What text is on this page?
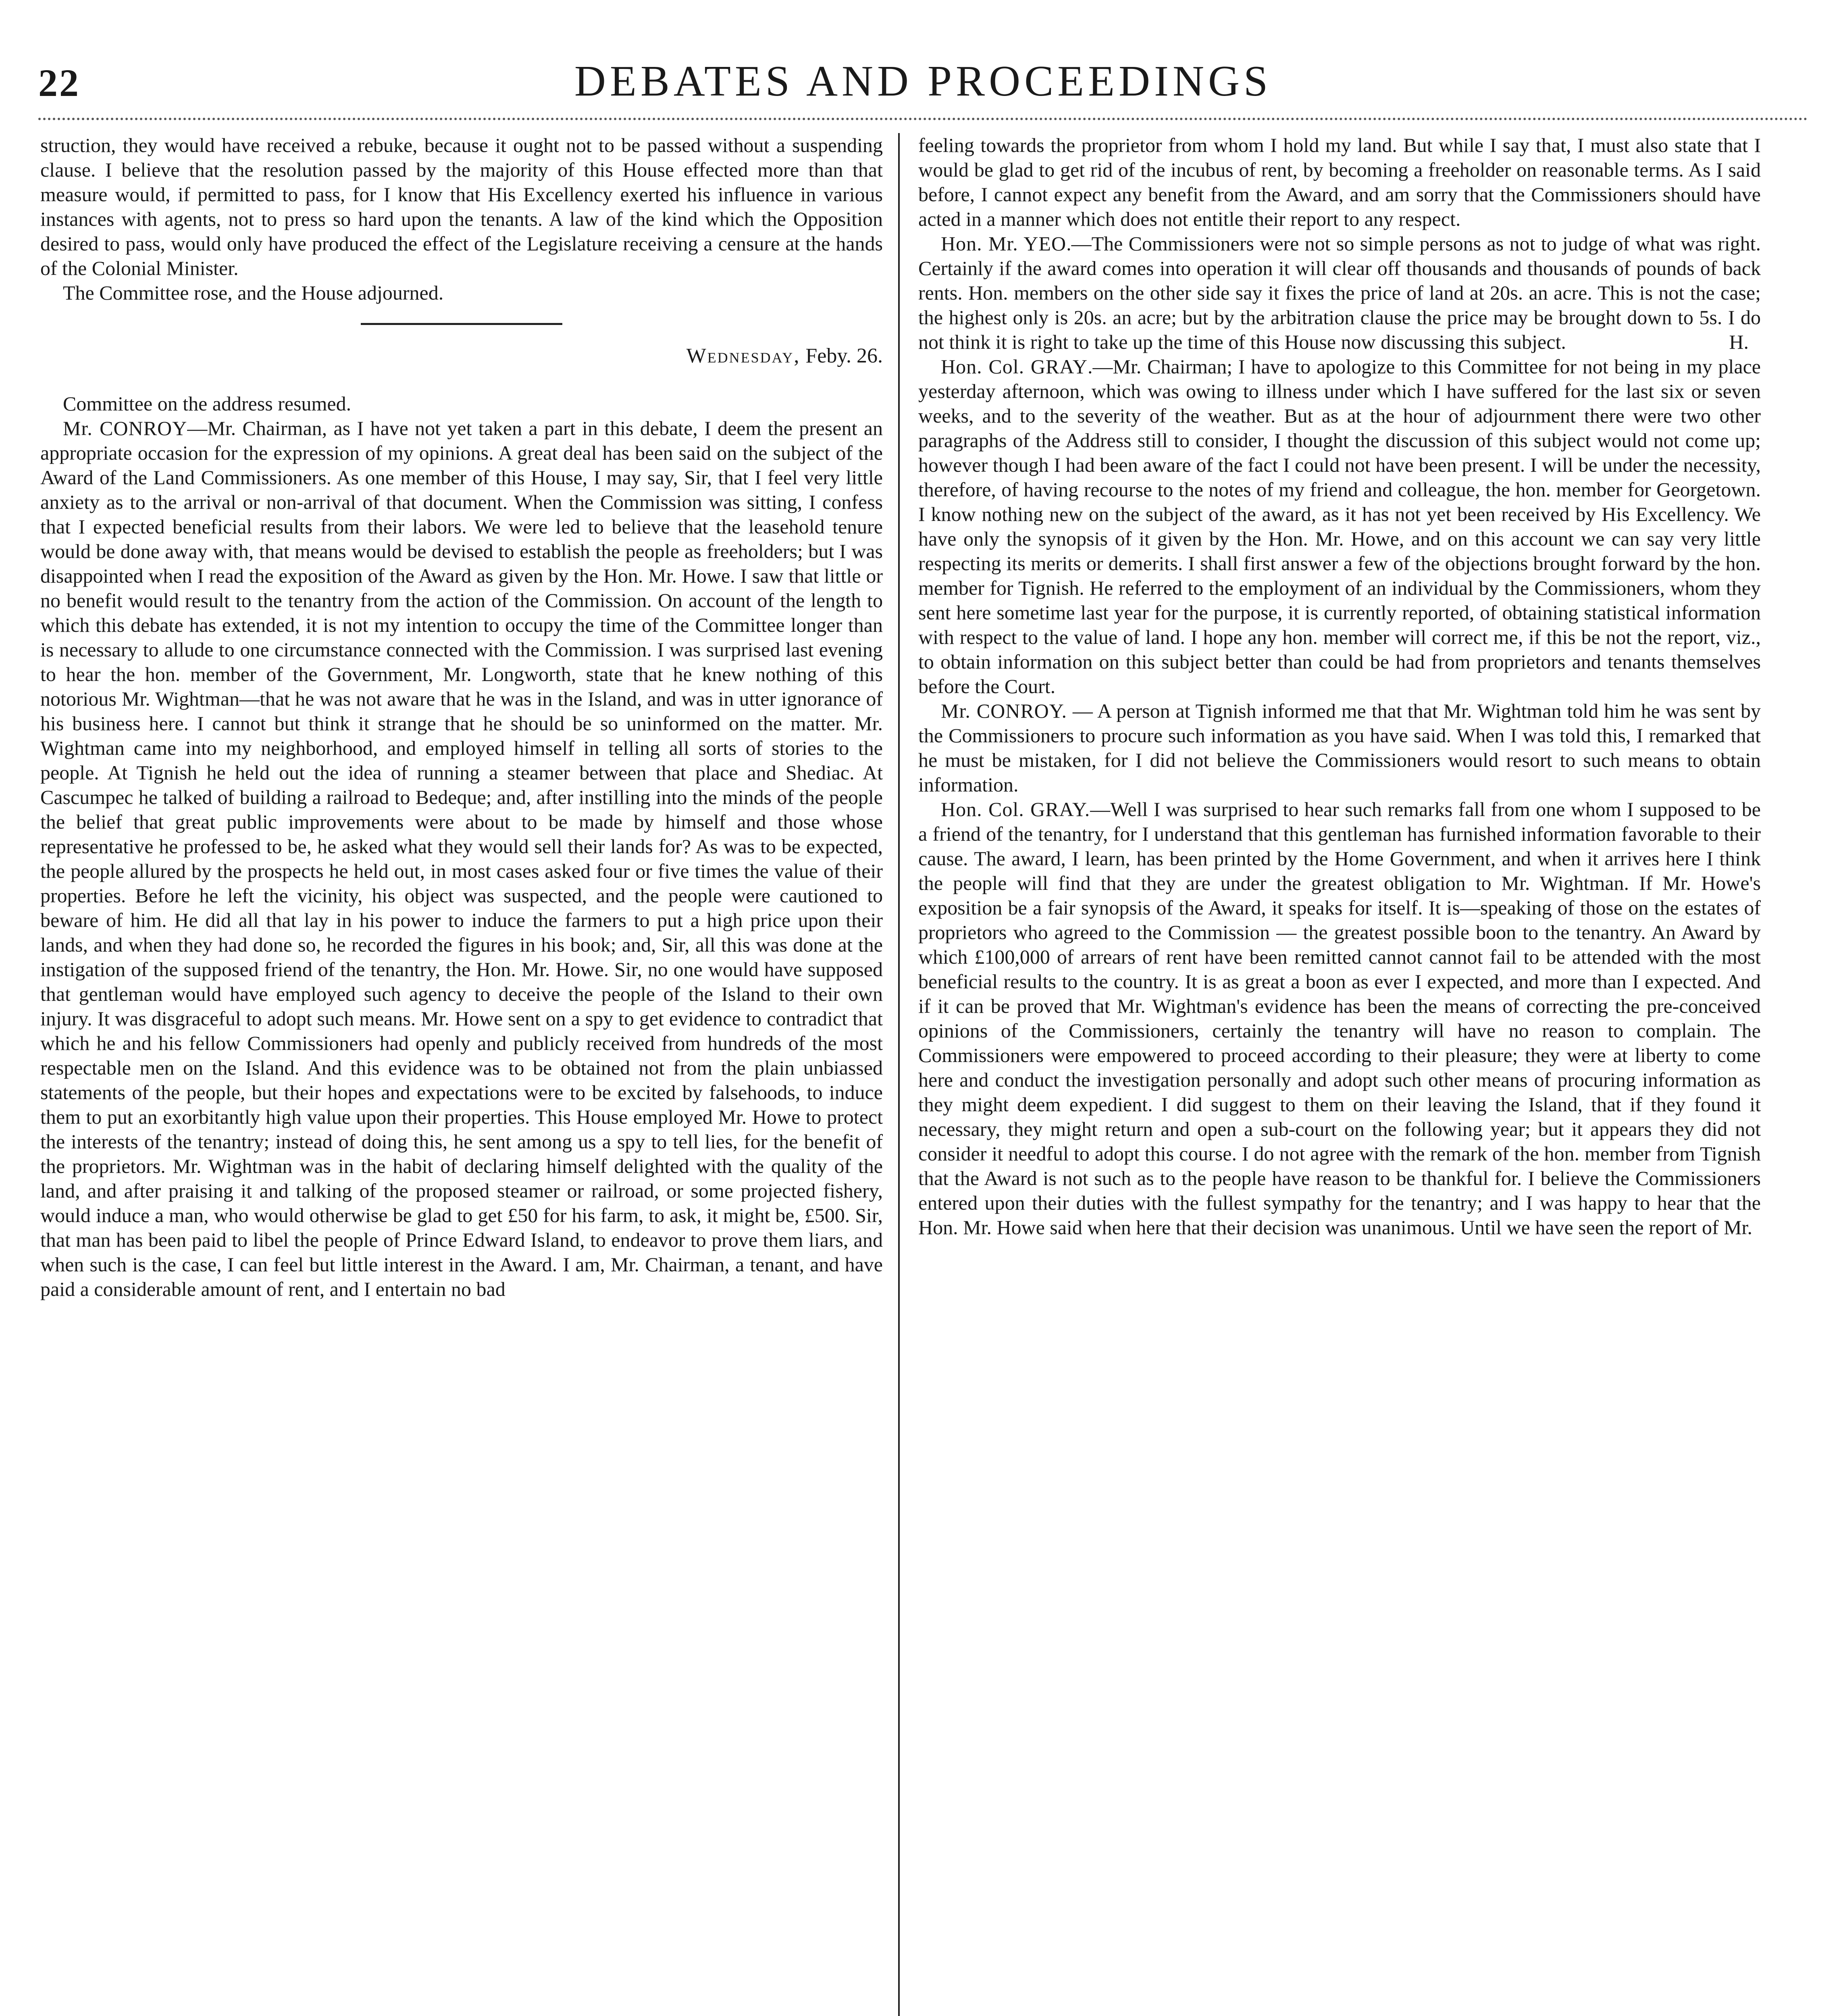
22	DEBATES AND PROCEEDINGS

struction, they would have received a rebuke, because it ought not to be passed without a suspending clause. I believe that the resolution passed by the majority of this House effected more than that measure would, if permitted to pass, for I know that His Excellency exerted his influence in various instances with agents, not to press so hard upon the tenants. A law of the kind which the Opposition desired to pass, would only have produced the effect of the Legislature receiving a censure at the hands of the Colonial Minister.

The Committee rose, and the House adjourned.

Wednesday, Feby. 26.

Committee on the address resumed.

Mr. CONROY—Mr. Chairman, as I have not yet taken a part in this debate, I deem the present an appropriate occasion for the expression of my opinions. A great deal has been said on the subject of the Award of the Land Commissioners. As one member of this House, I may say, Sir, that I feel very little anxiety as to the arrival or non-arrival of that document. When the Commission was sitting, I confess that I expected beneficial results from their labors. We were led to believe that the leasehold tenure would be done away with, that means would be devised to establish the people as freeholders; but I was disappointed when I read the exposition of the Award as given by the Hon. Mr. Howe. I saw that little or no benefit would result to the tenantry from the action of the Commission. On account of the length to which this debate has extended, it is not my intention to occupy the time of the Committee longer than is necessary to allude to one circumstance connected with the Commission. I was surprised last evening to hear the hon. member of the Government, Mr. Longworth, state that he knew nothing of this notorious Mr. Wightman—that he was not aware that he was in the Island, and was in utter ignorance of his business here. I cannot but think it strange that he should be so uninformed on the matter. Mr. Wightman came into my neighborhood, and employed himself in telling all sorts of stories to the people. At Tignish he held out the idea of running a steamer between that place and Shediac. At Cascumpec he talked of building a railroad to Bedeque; and, after instilling into the minds of the people the belief that great public improvements were about to be made by himself and those whose representative he professed to be, he asked what they would sell their lands for? As was to be expected, the people allured by the prospects he held out, in most cases asked four or five times the value of their properties. Before he left the vicinity, his object was suspected, and the people were cautioned to beware of him. He did all that lay in his power to induce the farmers to put a high price upon their lands, and when they had done so, he recorded the figures in his book; and, Sir, all this was done at the instigation of the supposed friend of the tenantry, the Hon. Mr. Howe. Sir, no one would have supposed that gentleman would have employed such agency to deceive the people of the Island to their own injury. It was disgraceful to adopt such means. Mr. Howe sent on a spy to get evidence to contradict that which he and his fellow Commissioners had openly and publicly received from hundreds of the most respectable men on the Island. And this evidence was to be obtained not from the plain unbiassed statements of the people, but their hopes and expectations were to be excited by falsehoods, to induce them to put an exorbitantly high value upon their properties. This House employed Mr. Howe to protect the interests of the tenantry; instead of doing this, he sent among us a spy to tell lies, for the benefit of the proprietors. Mr. Wightman was in the habit of declaring himself delighted with the quality of the land, and after praising it and talking of the proposed steamer or railroad, or some projected fishery, would induce a man, who would otherwise be glad to get £50 for his farm, to ask, it might be, £500. Sir, that man has been paid to libel the people of Prince Edward Island, to endeavor to prove them liars, and when such is the case, I can feel but little interest in the Award. I am, Mr. Chairman, a tenant, and have paid a considerable amount of rent, and I entertain no bad

feeling towards the proprietor from whom I hold my land. But while I say that, I must also state that I would be glad to get rid of the incubus of rent, by becoming a freeholder on reasonable terms. As I said before, I cannot expect any benefit from the Award, and am sorry that the Commissioners should have acted in a manner which does not entitle their report to any respect.

Hon. Mr. YEO.—The Commissioners were not so simple persons as not to judge of what was right. Certainly if the award comes into operation it will clear off thousands and thousands of pounds of back rents. Hon. members on the other side say it fixes the price of land at 20s. an acre. This is not the case; the highest only is 20s. an acre; but by the arbitration clause the price may be brought down to 5s. I do not think it is right to take up the time of this House now discussing this subject.	H.

Hon. Col. GRAY.—Mr. Chairman; I have to apologize to this Committee for not being in my place yesterday afternoon, which was owing to illness under which I have suffered for the last six or seven weeks, and to the severity of the weather. But as at the hour of adjournment there were two other paragraphs of the Address still to consider, I thought the discussion of this subject would not come up; however though I had been aware of the fact I could not have been present. I will be under the necessity, therefore, of having recourse to the notes of my friend and colleague, the hon. member for Georgetown. I know nothing new on the subject of the award, as it has not yet been received by His Excellency. We have only the synopsis of it given by the Hon. Mr. Howe, and on this account we can say very little respecting its merits or demerits. I shall first answer a few of the objections brought forward by the hon. member for Tignish. He referred to the employment of an individual by the Commissioners, whom they sent here sometime last year for the purpose, it is currently reported, of obtaining statistical information with respect to the value of land. I hope any hon. member will correct me, if this be not the report, viz., to obtain information on this subject better than could be had from proprietors and tenants themselves before the Court.

Mr. CONROY. — A person at Tignish informed me that that Mr. Wightman told him he was sent by the Commissioners to procure such information as you have said. When I was told this, I remarked that he must be mistaken, for I did not believe the Commissioners would resort to such means to obtain information.

Hon. Col. GRAY.—Well I was surprised to hear such remarks fall from one whom I supposed to be a friend of the tenantry, for I understand that this gentleman has furnished information favorable to their cause. The award, I learn, has been printed by the Home Government, and when it arrives here I think the people will find that they are under the greatest obligation to Mr. Wightman. If Mr. Howe's exposition be a fair synopsis of the Award, it speaks for itself. It is—speaking of those on the estates of proprietors who agreed to the Commission — the greatest possible boon to the tenantry. An Award by which £100,000 of arrears of rent have been remitted cannot cannot fail to be attended with the most beneficial results to the country. It is as great a boon as ever I expected, and more than I expected. And if it can be proved that Mr. Wightman's evidence has been the means of correcting the pre-conceived opinions of the Commissioners, certainly the tenantry will have no reason to complain. The Commissioners were empowered to proceed according to their pleasure; they were at liberty to come here and conduct the investigation personally and adopt such other means of procuring information as they might deem expedient. I did suggest to them on their leaving the Island, that if they found it necessary, they might return and open a sub-court on the following year; but it appears they did not consider it needful to adopt this course. I do not agree with the remark of the hon. member from Tignish that the Award is not such as to the people have reason to be thankful for. I believe the Commissioners entered upon their duties with the fullest sympathy for the tenantry; and I was happy to hear that the Hon. Mr. Howe said when here that their decision was unanimous. Until we have seen the report of Mr.
